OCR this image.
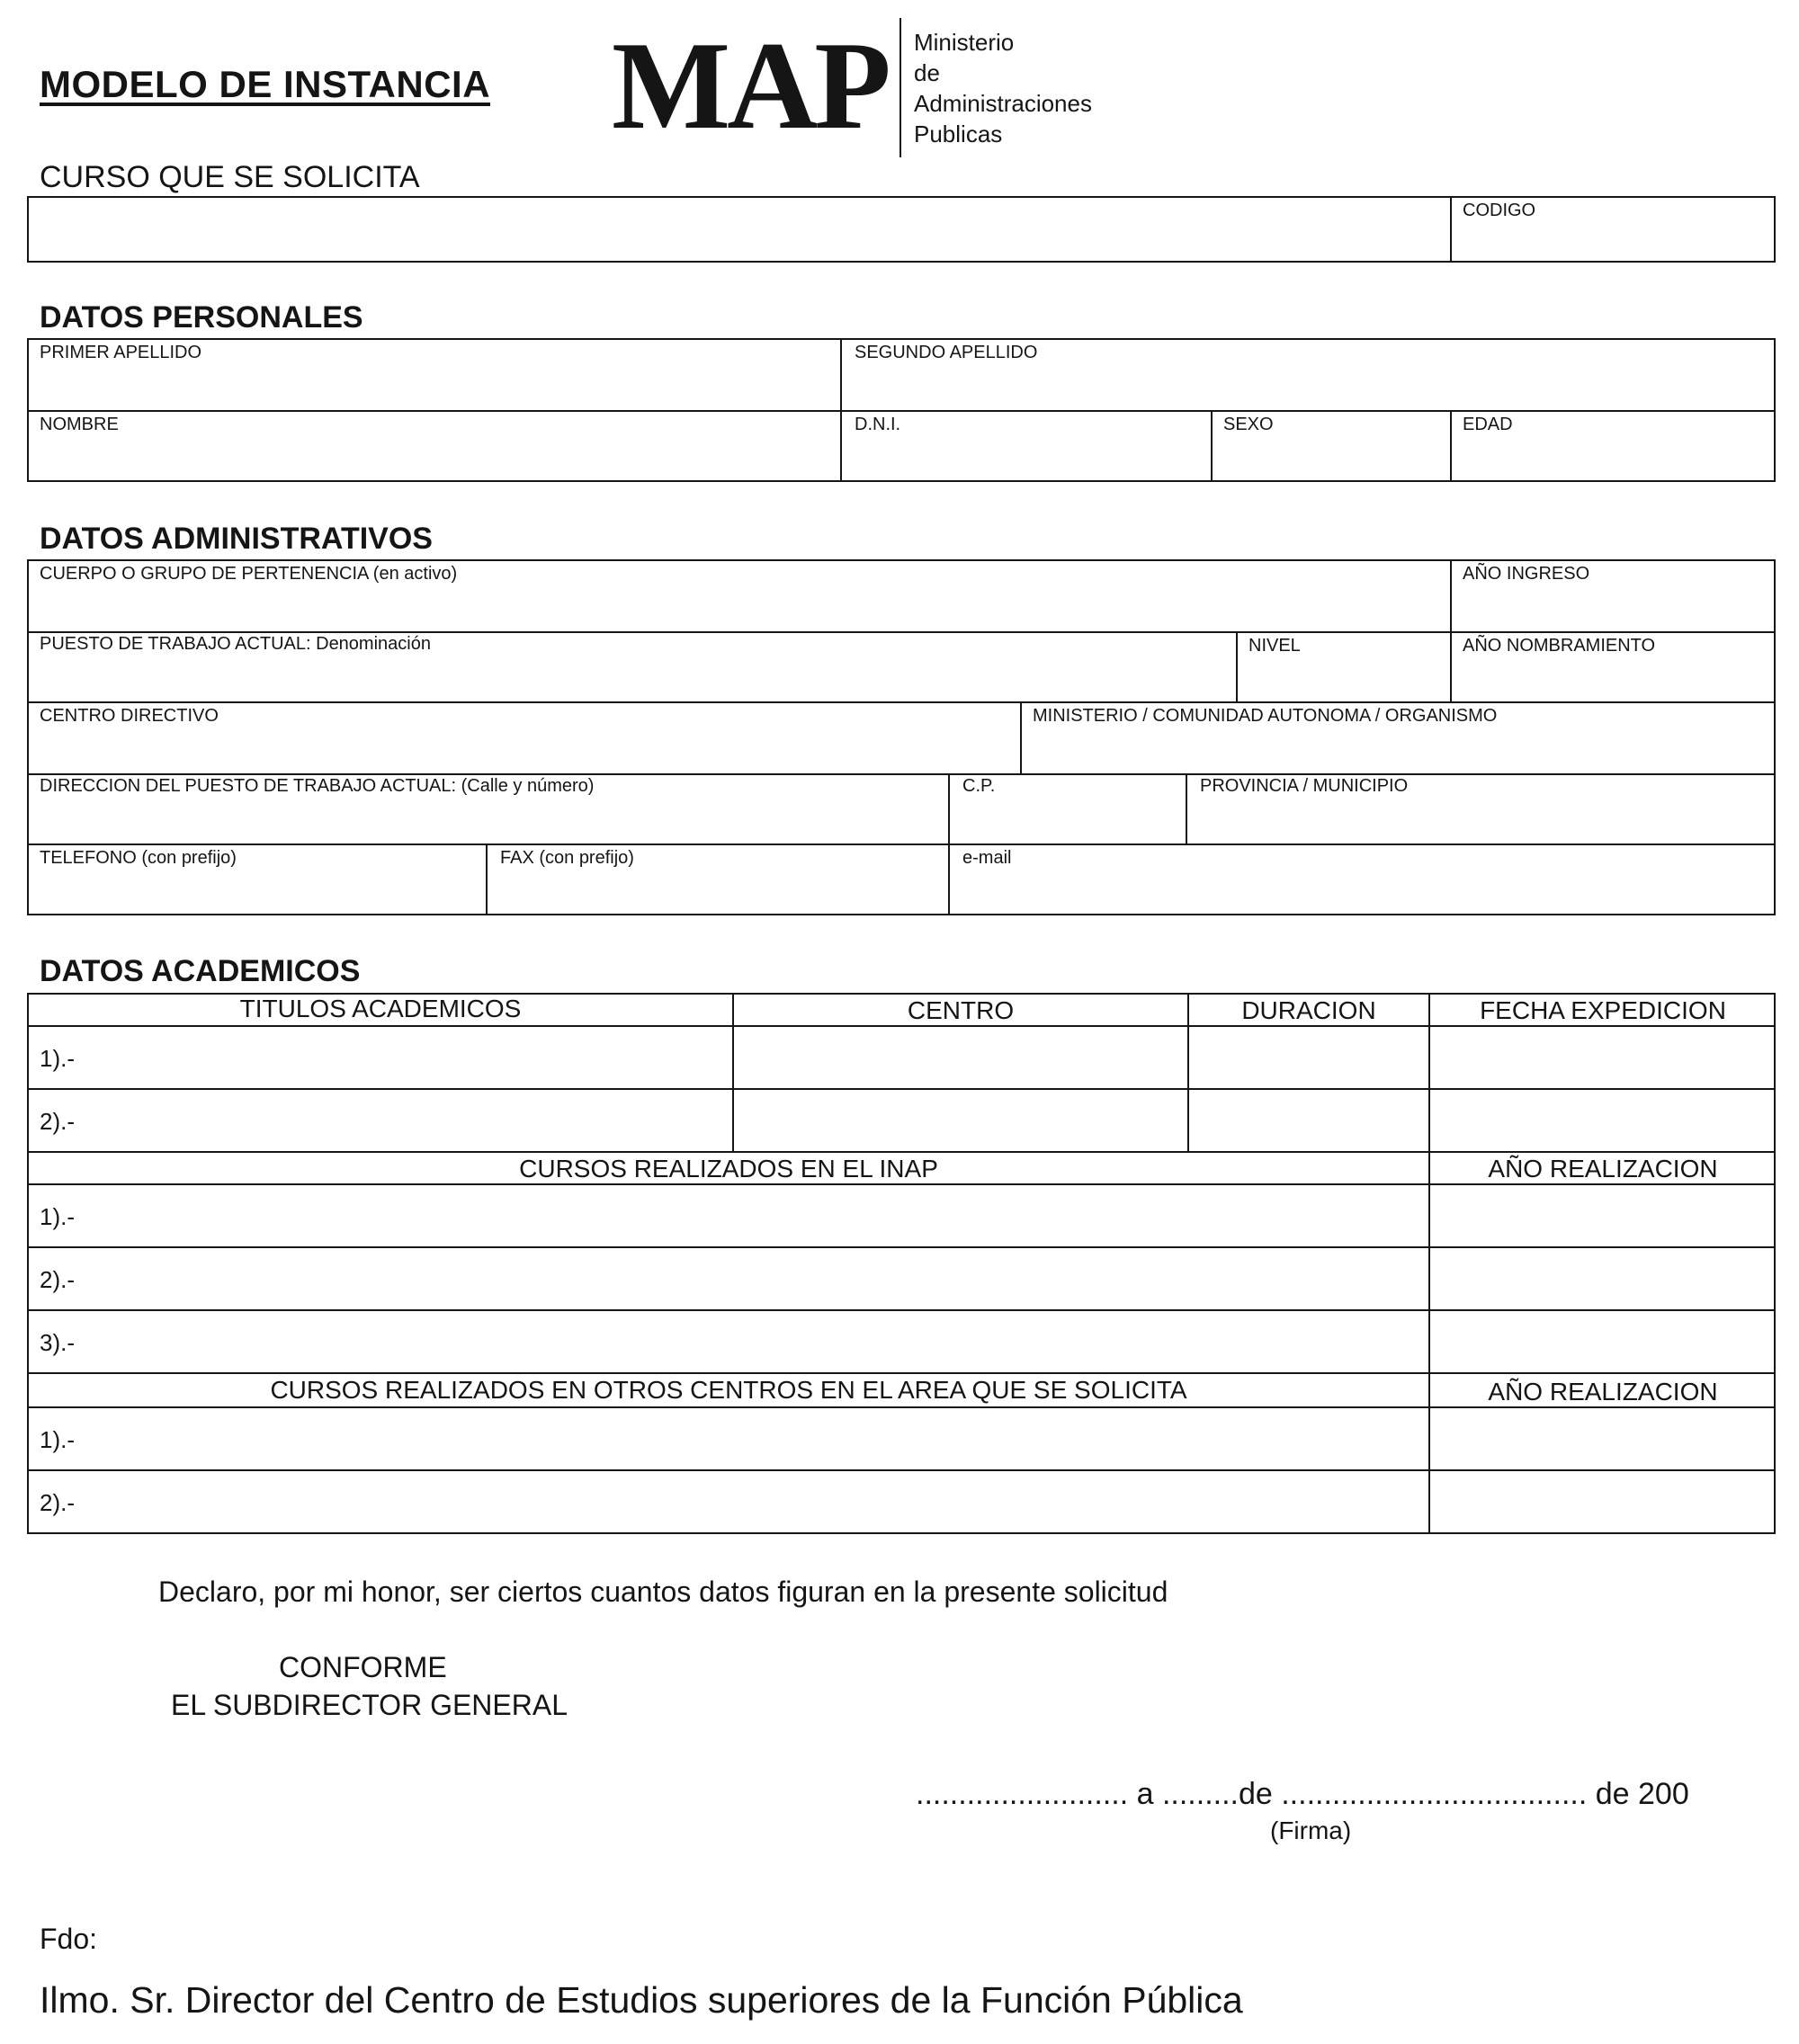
MODELO DE INSTANCIA MAP Ministerio
de
Administraciones
Publicas
CURSO QUE SE SOLICITA
CODIGO
DATOS PERSONALES
PRIMER APELLIDO	SEGUNDO APELLIDO
NOMBRE	D.N.I.	SEXO	EDAD
DATOS ADMINISTRATIVOS
CUERPO O GRUPO DE PERTENENCIA (en activo)	AÑO INGRESO
PUESTO DE TRABAJO ACTUAL: Denominación	NIVEL	AÑO NOMBRAMIENTO
CENTRO DIRECTIVO	MINISTERIO / COMUNIDAD AUTONOMA / ORGANISMO
DIRECCION DEL PUESTO DE TRABAJO ACTUAL: (Calle y número)	C.P.	PROVINCIA / MUNICIPIO
TELEFONO (con prefijo)	FAX (con prefijo)	e-mail
DATOS ACADEMICOS
TITULOS ACADEMICOS	CENTRO	DURACION	FECHA EXPEDICION
1).-
2).-
CURSOS REALIZADOS EN EL INAP	AÑO REALIZACION
1).-
2).-
3).-
CURSOS REALIZADOS EN OTROS CENTROS EN EL AREA QUE SE SOLICITA	AÑO REALIZACION
1).-
2).-
Declaro, por mi honor, ser ciertos cuantos datos figuran en la presente solicitud
CONFORME
EL SUBDIRECTOR GENERAL
......................... a .........de .................................... de 200
(Firma)
Fdo:
Ilmo. Sr. Director del Centro de Estudios superiores de la Función Pública
